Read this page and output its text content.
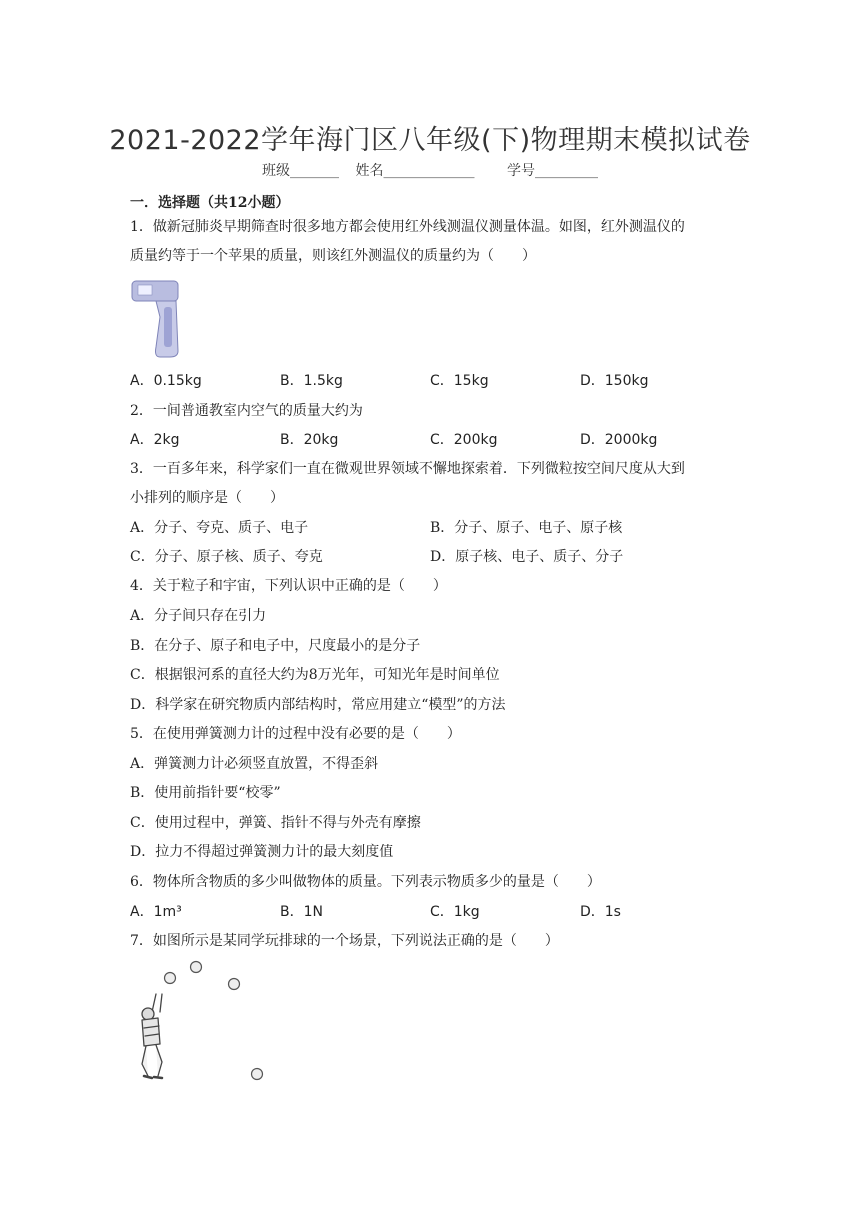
2021-2022学年海门区八年级(下)物理期末模拟试卷
班级_______ 姓名_____________ 学号_________
一．选择题（共12小题）
1．做新冠肺炎早期筛查时很多地方都会使用红外线测温仪测量体温。如图，红外测温仪的
质量约等于一个苹果的质量，则该红外测温仪的质量约为（　　）
A．0.15kg	B．1.5kg	C．15kg	D．150kg
2．一间普通教室内空气的质量大约为
A．2kg	B．20kg	C．200kg	D．2000kg
3．一百多年来，科学家们一直在微观世界领域不懈地探索着．下列微粒按空间尺度从大到
小排列的顺序是（　　）
A．分子、夸克、质子、电子	B．分子、原子、电子、原子核
C．分子、原子核、质子、夸克	D．原子核、电子、质子、分子
4．关于粒子和宇宙，下列认识中正确的是（　　）
A．分子间只存在引力
B．在分子、原子和电子中，尺度最小的是分子
C．根据银河系的直径大约为8万光年，可知光年是时间单位
D．科学家在研究物质内部结构时，常应用建立“模型”的方法
5．在使用弹簧测力计的过程中没有必要的是（　　）
A．弹簧测力计必须竖直放置，不得歪斜
B．使用前指针要“校零”
C．使用过程中，弹簧、指针不得与外壳有摩擦
D．拉力不得超过弹簧测力计的最大刻度值
6．物体所含物质的多少叫做物体的质量。下列表示物质多少的量是（　　）
A．1m³	B．1N	C．1kg	D．1s
7．如图所示是某同学玩排球的一个场景，下列说法正确的是（　　）
